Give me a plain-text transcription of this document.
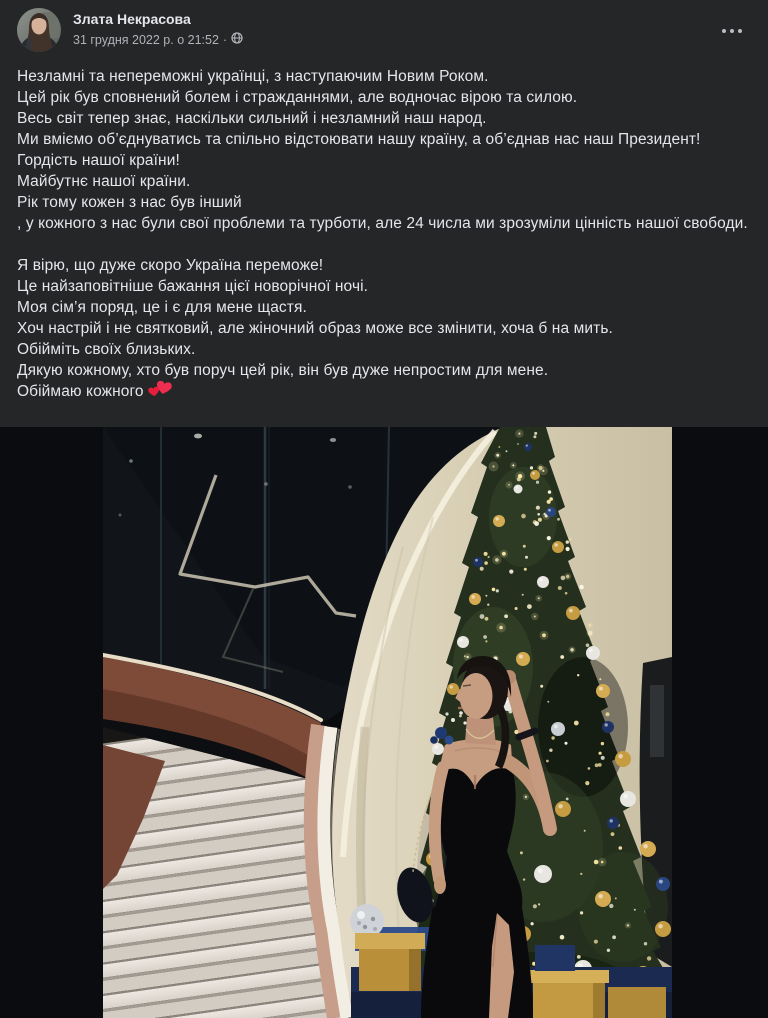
Злата Некрасова
31 грудня 2022 р. о 21:52 ·
Незламні та непереможні українці, з наступаючим Новим Роком.
Цей рік був сповнений болем і стражданнями, але водночас вірою та силою.
Весь світ тепер знає, наскільки сильний і незламний наш народ.
Ми вміємо об’єднуватись та спільно відстоювати нашу країну, а об’єднав нас наш Президент!
Гордість нашої країни!
Майбутнє нашої країни.
Рік тому кожен з нас був інший
, у кожного з нас були свої проблеми та турботи, але 24 числа ми зрозуміли цінність нашої свободи.
Я вірю, що дуже скоро Україна переможе!
Це найзаповітніше бажання цієї новорічної ночі.
Моя сім’я поряд, це і є для мене щастя.
Хоч настрій і не святковий, але жіночний образ може все змінити, хоча б на мить.
Обійміть своїх близьких.
Дякую кожному, хто був поруч цей рік, він був дуже непростим для мене.
Обіймаю кожного
